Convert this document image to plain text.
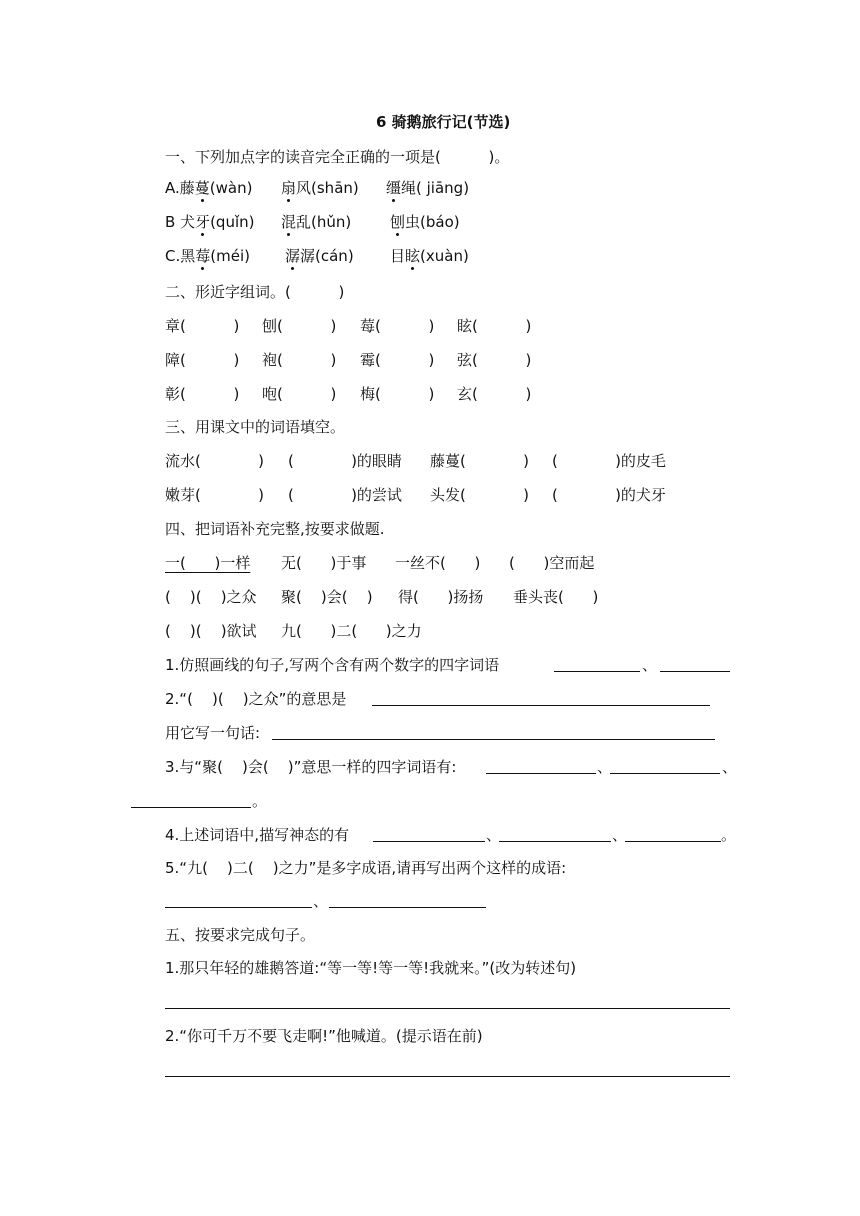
6 骑鹅旅行记(节选)
一、下列加点字的读音完全正确的一项是(          )。
A.藤蔓(wàn) 扇风(shān) 缰绳( jiāng)
B 犬牙(quǐn) 混乱(hǔn)	刨虫(báo)
C.黑莓(méi) 潺潺(cán) 目眩(xuàn)
二、形近字组词。(          )
章(          ) 刨(          ) 莓(          ) 眩(          )
障(          ) 袍(          ) 霉(          ) 弦(          )
彰(          ) 咆(          ) 梅(          ) 玄(          )
三、用课文中的词语填空。
流水(            ) (            )的眼睛 藤蔓(            ) (            )的皮毛
嫩芽(            ) (            )的尝试 头发(            ) (            )的犬牙
四、把词语补充完整,按要求做题.
一(      )一样 无(      )于事 一丝不(      ) (      )空而起
(    )(    )之众 聚(    )会(    ) 得(      )扬扬 垂头丧(      )
(    )(    )欲试 九(      )二(      )之力
1.仿照画线的句子,写两个含有两个数字的四字词语	、
2.“(    )(    )之众”的意思是
用它写一句话:
3.与“聚(    )会(    )”意思一样的四字词语有:	、	、
。
4.上述词语中,描写神态的有	、	、	。
5.“九(    )二(    )之力”是多字成语,请再写出两个这样的成语:
、
五、按要求完成句子。
1.那只年轻的雄鹅答道:“等一等!等一等!我就来。”(改为转述句)
2.“你可千万不要飞走啊!”他喊道。(提示语在前)
